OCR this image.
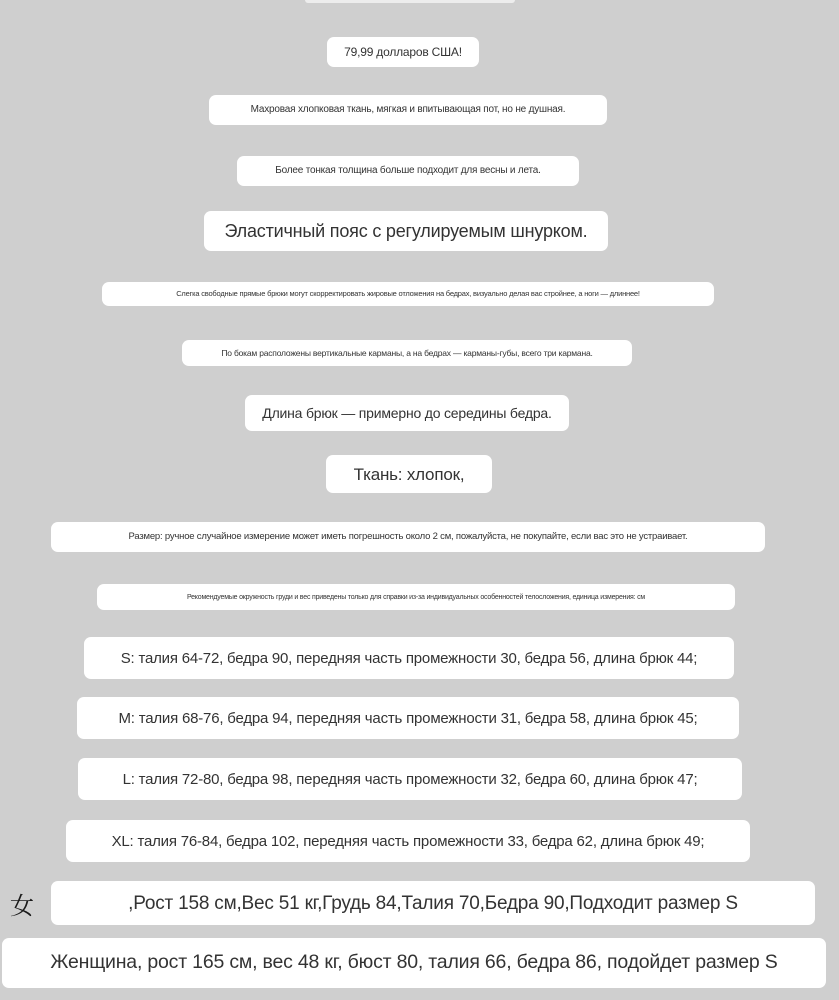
79,99 долларов США!
Махровая хлопковая ткань, мягкая и впитывающая пот, но не душная.
Более тонкая толщина больше подходит для весны и лета.
Эластичный пояс с регулируемым шнурком.
Слегка свободные прямые брюки могут скорректировать жировые отложения на бедрах, визуально делая вас стройнее, а ноги — длиннее!
По бокам расположены вертикальные карманы, а на бедрах — карманы-губы, всего три кармана.
Длина брюк — примерно до середины бедра.
Ткань: хлопок,
Размер: ручное случайное измерение может иметь погрешность около 2 см, пожалуйста, не покупайте, если вас это не устраивает.
Рекомендуемые окружность груди и вес приведены только для справки из-за индивидуальных особенностей телосложения, единица измерения: см
S: талия 64-72, бедра 90, передняя часть промежности 30, бедра 56, длина брюк 44;
M: талия 68-76, бедра 94, передняя часть промежности 31, бедра 58, длина брюк 45;
L: талия 72-80, бедра 98, передняя часть промежности 32, бедра 60, длина брюк 47;
XL: талия 76-84, бедра 102, передняя часть промежности 33, бедра 62, длина брюк 49;
女	,Рост 158 см,Вес 51 кг,Грудь 84,Талия 70,Бедра 90,Подходит размер S
Женщина, рост 165 см, вес 48 кг, бюст 80, талия 66, бедра 86, подойдет размер S
